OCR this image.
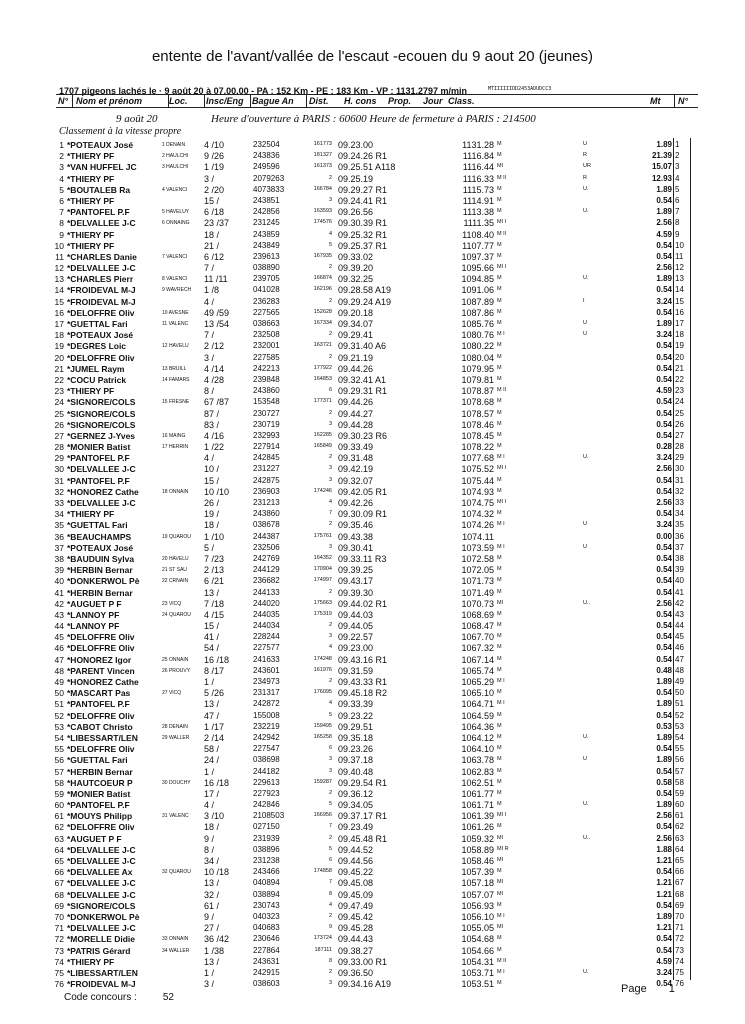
entente de l'avant/vallée de l'escaut -ecouen du 9 aout 20 (jeunes)
1707 pigeons lachés le · 9 août 20 à 07.00.00 - PA : 152 Km - PE : 183 Km - VP : 1131.2797 m/min	MTIIIIIIDD2453ADUDCC3
N° Nom et prénom	Loc. Insc/Eng Bague An Dist. H. cons Prop. Jour Class.	Mt N°
9 août 20	Heure d'ouverture à PARIS : 60600 Heure de fermeture à PARIS : 214500
Classement à la vitesse propre
1 *POTEAUX José	1 DENAIN 4 /10	232504	161773 09.23.00	1131.28 M	U	1.89 1
2 *THIERY PF	2 HAULCHI 9 /26	243836	181327 09.24.26 R1	1116.84 M	R	21.39 2
3 *VAN HUFFEL JC	3 HAULCHI 1 /19	249596	161373 09.25.51 A118	1116.44 MI	UR	15.07 3
4 *THIERY PF	3 /	2079263	2 09.25.19	1116.33 M II	R	12.93 4
5 *BOUTALEB Ra	4 VALENCI 2 /20	4073833	166784 09.29.27 R1	1115.73 M	U.	1.89 5
6 *THIERY PF	15 /	243851	3 09.24.41 R1	1114.91 M	0.54 6
7 *PANTOFEL P.F	5 HAVELUY 6 /18	242856	163593 09.26.56	1113.38 M	U.	1.89 7
8 *DELVALLEE J-C	6 ONNAING 23 /37	231245	174576 09.30.39 R1	1111.35 MI I	2.56 8
9 *THIERY PF	18 /	243859	4 09.25.32 R1	1108.40 M II	4.59 9
10 *THIERY PF	21 /	243849	5 09.25.37 R1	1107.77 M	0.54 10
11 *CHARLES Danie	7 VALENCI 6 /12	239613	167935 09.33.02	1097.37 M	0.54 11
12 *DELVALLEE J-C	7 /	038890	2 09.39.20	1095.66 MI I	2.56 12
13 *CHARLES Pierr	8 VALENCI 11 /11	239705	166874 09.32.25	1094.85 M	U.	1.89 13
14 *FROIDEVAL M-J	9 WAVRECH 1 /8	041028	162196 09.28.58 A19	1091.06 M	0.54 14
15 *FROIDEVAL M-J	4 /	236283	2 09.29.24 A19	1087.89 M	I	3.24 15
16 *DELOFFRE Oliv	10 AVESNE 49 /59	227565	152628 09.20.18	1087.86 M	0.54 16
17 *GUETTAL Fari	11 VALENC 13 /54	038663	167334 09.34.07	1085.76 M	U	1.89 17
18 *POTEAUX José	7 /	232508	2 09.29.41	1080.76 M I	U	3.24 18
19 *DEGRES Loic	12 HAVELU 2 /12	232001	163721 09.31.40 A6	1080.22 M	0.54 19
20 *DELOFFRE Oliv	3 /	227585	2 09.21.19	1080.04 M	0.54 20
21 *JUMEL Raym	13 BRUILL 4 /14	242213	177922 09.44.26	1079.95 M	0.54 21
22 *COCU Patrick	14 FAMARS 4 /28	239848	164853 09.32.41 A1	1079.81 M	0.54 22
23 *THIERY PF	8 /	243860	6 09.29.31 R1	1078.87 M II	4.59 23
24 *SIGNORE/COLS	15 FRESNE 67 /87	153548	177371 09.44.26	1078.68 M	0.54 24
25 *SIGNORE/COLS	87 /	230727	2 09.44.27	1078.57 M	0.54 25
26 *SIGNORE/COLS	83 /	230719	3 09.44.28	1078.46 M	0.54 26
27 *GERNEZ J-Yves	16 MAING 4 /16	232993	162285 09.30.23 R6	1078.45 M	0.54 27
28 *MONIER Batist	17 HERRIN 1 /22	227914	165849 09.33.49	1078.22 M	0.28 28
29 *PANTOFEL P.F	4 /	242845	2 09.31.48	1077.68 M I	U.	3.24 29
30 *DELVALLEE J-C	10 /	231227	3 09.42.19	1075.52 MI I	2.56 30
31 *PANTOFEL P.F	15 /	242875	3 09.32.07	1075.44 M	0.54 31
32 *HONOREZ Cathe	18 ONNAIN 10 /10	236903	174246 09.42.05 R1	1074.93 M	0.54 32
33 *DELVALLEE J-C	26 /	231213	4 09.42.26	1074.75 MI I	2.56 33
34 *THIERY PF	19 /	243860	7 09.30.09 R1	1074.32 M	0.54 34
35 *GUETTAL Fari	18 /	038678	2 09.35.46	1074.26 M I	U	3.24 35
36 *BEAUCHAMPS	19 QUAROU 1 /10	244387	175761 09.43.38	1074.11	0.00 36
37 *POTEAUX José	5 /	232506	3 09.30.41	1073.59 M I	U	0.54 37
38 *BAUDUIN Sylva	20 HAVELU 7 /23	242769	164352 09.33.11 R3	1072.58 M	0.54 38
39 *HERBIN Bernar	21 ST SAU 2 /13	244129	170904 09.39.25	1072.05 M	0.54 39
40 *DONKERWOL Pè	22 CRNAIN 6 /21	236682	174997 09.43.17	1071.73 M	0.54 40
41 *HERBIN Bernar	13 /	244133	2 09.39.30	1071.49 M	0.54 41
42 *AUGUET P F	23 VICQ	7 /18	244020	175663 09.44.02 R1	1070.73 MI	U..	2.56 42
43 *LANNOY PF	24 QUAROU 4 /15	244035	175319 09.44.03	1068.69 M	0.54 43
44 *LANNOY PF	15 /	244034	2 09.44.05	1068.47 M	0.54 44
45 *DELOFFRE Oliv	41 /	228244	3 09.22.57	1067.70 M	0.54 45
46 *DELOFFRE Oliv	54 /	227577	4 09.23.00	1067.32 M	0.54 46
47 *HONOREZ Igor	25 ONNAIN 16 /18	241633	174248 09.43.16 R1	1067.14 M	0.54 47
48 *PARENT Vincen	26 PROUVY 8 /17	243601	161976 09.31.59	1065.74 M	0.48 48
49 *HONOREZ Cathe	1 /	234973	2 09.43.33 R1	1065.29 M I	1.89 49
50 *MASCART Pas	27 VICQ	5 /26	231317	176095 09.45.18 R2	1065.10 M	0.54 50
51 *PANTOFEL P.F	13 /	242872	4 09.33.39	1064.71 M I	1.89 51
52 *DELOFFRE Oliv	47 /	155008	5 09.23.22	1064.59 M	0.54 52
53 *CABOT Christo	28 DENAIN 1 /17	232219	159495 09.29.51	1064.36 M	0.53 53
54 *LIBESSART/LEN	29 WALLER 2 /14	242942	165258 09.35.18	1064.12 M	U.	1.89 54
55 *DELOFFRE Oliv	58 /	227547	6 09.23.26	1064.10 M	0.54 55
56 *GUETTAL Fari	24 /	038698	3 09.37.18	1063.78 M	U	1.89 56
57 *HERBIN Bernar	1 /	244182	3 09.40.48	1062.83 M	0.54 57
58 *HAUTCOEUR P	30 DOUCHY 16 /18	229613	159287 09.29.54 R1	1062.51 M	0.58 58
59 *MONIER Batist	17 /	227923	2 09.36.12	1061.77 M	0.54 59
60 *PANTOFEL P.F	4 /	242846	5 09.34.05	1061.71 M	U.	1.89 60
61 *MOUYS Philipp	31 VALENC 3 /10	2108503	166956 09.37.17 R1	1061.39 MI I	2.56 61
62 *DELOFFRE Oliv	18 /	027150	7 09.23.49	1061.26 M	0.54 62
63 *AUGUET P F	9 /	231939	2 09.45.48 R1	1059.32 MI	U..	2.56 63
64 *DELVALLEE J-C	8 /	038896	5 09.44.52	1058.89 MI R	1.88 64
65 *DELVALLEE J-C	34 /	231238	6 09.44.56	1058.46 MI	1.21 65
66 *DELVALLEE Ax	32 QUAROU 10 /18	243466	174858 09.45.22	1057.39 M	0.54 66
67 *DELVALLEE J-C	13 /	040894	7 09.45.08	1057.18 MI	1.21 67
68 *DELVALLEE J-C	32 /	038894	8 09.45.09	1057.07 MI	1.21 68
69 *SIGNORE/COLS	61 /	230743	4 09.47.49	1056.93 M	0.54 69
70 *DONKERWOL Pè	9 /	040323	2 09.45.42	1056.10 M I	1.89 70
71 *DELVALLEE J-C	27 /	040683	9 09.45.28	1055.05 MI	1.21 71
72 *MORELLE Didie	33 ONNAIN 36 /42	230646	173724 09.44.43	1054.68 M	0.54 72
73 *PATRIS Gérard	34 WALLER 1 /38	227864	187111 09.38.27	1054.66 M	0.54 73
74 *THIERY PF	13 /	243631	8 09.33.00 R1	1054.31 M II	4.59 74
75 *LIBESSART/LEN	1 /	242915	2 09.36.50	1053.71 M I	U.	3.24 75
76 *FROIDEVAL M-J	3 /	038603	3 09.34.16 A19	1053.51 M	0.54 76
Code concours :	52
Page 1
